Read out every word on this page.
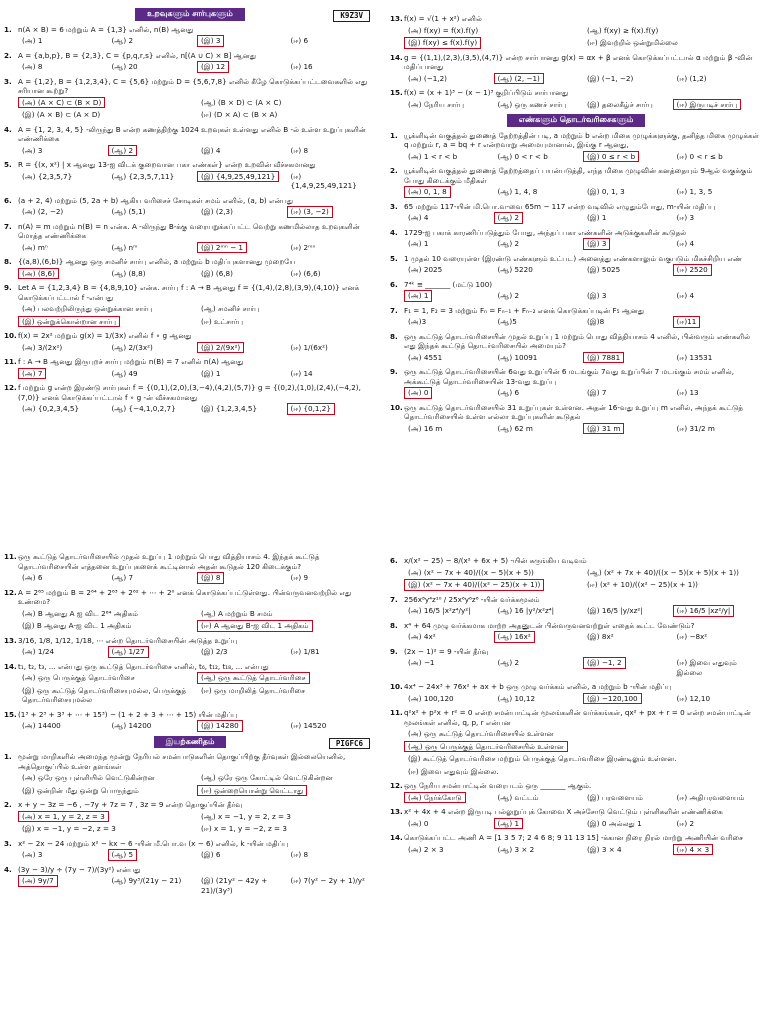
உறவுகளும் சார்புகளும்	K9Z3V
1. n(A × B) = 6 மற்றும் A = {1,3} எனில், n(B) ஆனது
(அ) 1	(ஆ) 2	(இ) 3	(ஈ) 6
2. A = {a,b,p}, B = {2,3}, C = {p,q,r,s} எனில், n[(A ∪ C) × B] ஆனது
(அ) 8	(ஆ) 20	(இ) 12	(ஈ) 16
3. A = {1,2}, B = {1,2,3,4}, C = {5,6} மற்றும் D = {5,6,7,8} எனில் கீழே கொடுக்கப்பட்டவைகளில் எது சரியான கூற்று?
(அ) (A × C) ⊂ (B × D)	(ஆ) (B × D) ⊂ (A × C)
(இ) (A × B) ⊂ (A × D)	(ஈ) (D × A) ⊂ (B × A)
4. A = {1, 2, 3, 4, 5} -லிருந்து B என்ற கணத்திற்கு 1024 உறவுகள் உள்ளது எனில் B -ல் உள்ள உறுப்புகளின் எண்ணிக்கை
(அ) 3	(ஆ) 2	(இ) 4	(ஈ) 8
5. R = {(x, x²) | x ஆனது 13-ஐ விடக் குறைவான பகா எண்கள்} என்ற உறவின் வீச்சகமானது
(அ) {2,3,5,7}	(ஆ) {2,3,5,7,11}	(இ) {4,9,25,49,121}	(ஈ) {1,4,9,25,49,121}
6. (a + 2, 4) மற்றும் (5, 2a + b) ஆகிய வரிசைச் சோடிகள் சமம் எனில், (a, b) என்பது
(அ) (2, −2)	(ஆ) (5,1)	(இ) (2,3)	(ஈ) (3, −2)
7. n(A) = m மற்றும் n(B) = n என்க. A -லிருந்து B-க்கு வரையறுக்கப்பட்ட வெற்று கணமில்லாத உறவுகளின் மொத்த எண்ணிக்கை
(அ) mⁿ	(ஆ) nᵐ	(இ) 2ᵐⁿ − 1	(ஈ) 2ᵐⁿ
8. {(a,8),(6,b)} ஆனது ஒரு சமனிச் சார்பு எனில், a மற்றும் b மதிப்புகளானது முறையே
(அ) (8,6)	(ஆ) (8,8)	(இ) (6,8)	(ஈ) (6,6)
9. Let A = {1,2,3,4} B = {4,8,9,10} என்க. சார்பு f : A → B ஆனது f = {(1,4),(2,8),(3,9),(4,10)} எனக் கொடுக்கப்பட்டால் f -என்பது
(அ) பலவற்றிலிருந்து ஒன்றுக்கான சார்பு	(ஆ) சமனிச் சார்பு
(இ) ஒன்றுக்கொன்றான சார்பு	(ஈ) உட்சார்பு
10. f(x) = 2x² மற்றும் g(x) = 1/(3x) எனில் f ∘ g ஆனது
(அ) 3/(2x²)	(ஆ) 2/(3x²)	(இ) 2/(9x²)	(ஈ) 1/(6x²)
11. f : A → B ஆனது இருபுறச் சார்பு மற்றும் n(B) = 7 எனில் n(A) ஆனது
(அ) 7	(ஆ) 49	(இ) 1	(ஈ) 14
12. f மற்றும் g என்ற இரண்டு சார்புகள் f = {(0,1),(2,0),(3,−4),(4,2),(5,7)} g = {(0,2),(1,0),(2,4),(−4,2),(7,0)} எனக் கொடுக்கப்பட்டால் f ∘ g -ன் வீச்சகமானது
(அ) {0,2,3,4,5}	(ஆ) {−4,1,0,2,7}	(இ) {1,2,3,4,5}	(ஈ) {0,1,2}
13. f(x) = √(1 + x²) எனில்
(அ) f(xy) = f(x).f(y)	(ஆ) f(xy) ≥ f(x).f(y)
(இ) f(xy) ≤ f(x).f(y)	(ஈ) இவற்றில் ஒன்றுமில்லை
14. g = {(1,1),(2,3),(3,5),(4,7)} என்ற சார்பானது g(x) = αx + β எனக் கொடுக்கப்பட்டால் α மற்றும் β -வின் மதிப்பானது
(அ) (−1,2)	(ஆ) (2, −1)	(இ) (−1, −2)	(ஈ) (1,2)
15. f(x) = (x + 1)³ − (x − 1)³ குறிப்பிடும் சார்பானது
(அ) நேரிய சார்பு	(ஆ) ஒரு கணச் சார்பு	(இ) தலைகீழ்ச் சார்பு	(ஈ) இருபடிச் சார்பு
எண்களும் தொடர்வரிசைகளும்
1. யூக்ளிடின் வகுத்தல் துணைத் தேற்றத்தின் படி, a மற்றும் b என்ற மிகை முழுக்களுக்கு, தனித்த மிகை முழுக்கள் q மற்றும் r, a = bq + r என்றவாறு அமையுமானால், இங்கு r ஆனது,
(அ) 1 < r < b	(ஆ) 0 < r < b	(இ) 0 ≤ r < b	(ஈ) 0 < r ≤ b
2. யூக்ளிடின் வகுத்தல் துணைத் தேற்றத்தைப் பயன்படுத்தி, எந்த மிகை முழுவின் கனத்தையும் 9ஆல் வகுக்கும் போது கிடைக்கும் மீதிகள்
(அ) 0, 1, 8	(ஆ) 1, 4, 8	(இ) 0, 1, 3	(ஈ) 1, 3, 5
3. 65 மற்றும் 117-யின் மி.பொ.வ-வை 65m − 117 என்ற வடிவில் எழுதும்போது, m-யின் மதிப்பு
(அ) 4	(ஆ) 2	(இ) 1	(ஈ) 3
4. 1729-ஐ பகாக் காரணிப்படுத்தும் போது, அந்தப் பகா எண்களின் அடுக்குகளின் கூடுதல்
(அ) 1	(ஆ) 2	(இ) 3	(ஈ) 4
5. 1 முதல் 10 வரையுள்ள (இரண்டு எண்களும் உட்பட) அனைத்து எண்களாலும் வகுபடும் மிகச்சிறிய எண்
(அ) 2025	(ஆ) 5220	(இ) 5025	(ஈ) 2520
6. 7⁴ᵏ ≡ _______ (மட்டு 100)
(அ) 1	(ஆ) 2	(இ) 3	(ஈ) 4
7. F₁ = 1, F₂ = 3 மற்றும் Fₙ = Fₙ₋₁ + Fₙ₋₂ எனக் கொடுக்கப்படின் F₅ ஆனது
(அ)3	(ஆ)5	(இ)8	(ஈ)11
8. ஒரு கூட்டுத் தொடர்வரிசையின் முதல் உறுப்பு 1 மற்றும் பொது வித்தியாசம் 4 எனில், பின்வரும் எண்களில் எது இந்தக் கூட்டுத் தொடர்வரிசையில் அமையும்?
(அ) 4551	(ஆ) 10091	(இ) 7881	(ஈ) 13531
9. ஒரு கூட்டுத் தொடர்வரிசையின் 6வது உறுப்பின் 6 மடங்கும் 7வது உறுப்பின் 7 மடங்கும் சமம் எனில், அக்கூட்டுத் தொடர்வரிசையின் 13-வது உறுப்பு
(அ) 0	(ஆ) 6	(இ) 7	(ஈ) 13
10. ஒரு கூட்டுத் தொடர்வரிசையில் 31 உறுப்புகள் உள்ளன. அதன் 16-வது உறுப்பு m எனில், அந்தக் கூட்டுத் தொடர்வரிசையில் உள்ள எல்லா உறுப்புகளின் கூடுதல்
(அ) 16 m	(ஆ) 62 m	(இ) 31 m	(ஈ) 31/2 m
11. ஒரு கூட்டுத் தொடர்வரிசையில் முதல் உறுப்பு 1 மற்றும் பொது வித்தியாசம் 4. இந்தக் கூட்டுத் தொடர்வரிசையின் எத்தனை உறுப்புகளைக் கூட்டினால் அதன் கூடுதல் 120 கிடைக்கும்?
(அ) 6	(ஆ) 7	(இ) 8	(ஈ) 9
12. A = 2⁶⁵ மற்றும் B = 2⁶⁴ + 2⁶³ + 2⁶² + ⋯ + 2⁰ எனக் கொடுக்கப்பட்டுள்ளது. பின்வருவனவற்றில் எது உண்மை?
(அ) B ஆனது A ஐ விட 2⁶⁴ அதிகம்	(ஆ) A மற்றும் B சமம்
(இ) B ஆனது A-ஐ விட 1 அதிகம்	(ஈ) A ஆனது B-ஐ விட 1 அதிகம்
13. 3/16, 1/8, 1/12, 1/18, ⋯ என்ற தொடர்வரிசையின் அடுத்த உறுப்பு
(அ) 1/24	(ஆ) 1/27	(இ) 2/3	(ஈ) 1/81
14. t₁, t₂, t₃, ... என்பது ஒரு கூட்டுத் தொடர்வரிசை எனில், t₆, t₁₂, t₁₈, ... என்பது
(அ) ஒரு பெருக்குத் தொடர்வரிசை	(ஆ) ஒரு கூட்டுத் தொடர்வரிசை
(இ) ஒரு கூட்டுத் தொடர்வரிசையுமல்ல, பெருக்குத் தொடர்வரிசையுமல்ல
(ஈ) ஒரு மாறிலித் தொடர்வரிசை
15. (1³ + 2³ + 3³ + ⋯ + 15³) − (1 + 2 + 3 + ⋯ + 15) யின் மதிப்பு
(அ) 14400	(ஆ) 14200	(இ) 14280	(ஈ) 14520
இயற்கணிதம்	PIGFC6
1. மூன்று மாறிகளில் அமைந்த மூன்று நேரியல் சமன்பாடுகளின் தொகுப்பிற்கு தீர்வுகள் இல்லையெனில், அத்தொகுப்பில் உள்ள தளங்கள்
(அ) ஒரே ஒரு புள்ளியில் வெட்டுகின்றன	(ஆ) ஒரே ஒரு கோட்டில் வெட்டுகின்றன
(இ) ஒன்றின் மீது ஒன்று பொருந்தும்	(ஈ) ஒன்றையொன்று வெட்டாது
2. x + y − 3z = −6 , −7y + 7z = 7 , 3z = 9 என்ற தொகுப்பின் தீர்வு
(அ) x = 1, y = 2, z = 3	(ஆ) x = −1, y = 2, z = 3
(இ) x = −1, y = −2, z = 3	(ஈ) x = 1, y = −2, z = 3
3. x² − 2x − 24 மற்றும் x² − kx − 6 -யின் மீ.பொ.வ (x − 6) எனில், k -யின் மதிப்பு
(அ) 3	(ஆ) 5	(இ) 6	(ஈ) 8
4. (3y − 3)/y ÷ (7y − 7)/(3y²) என்பது
(அ) 9y/7	(ஆ) 9y³/(21y − 21)	(இ) (21y² − 42y + 21)/(3y³)
(ஈ) 7(y² − 2y + 1)/y²
6. x/(x² − 25) − 8/(x² + 6x + 5) -யின் சுருங்கிய வடிவம்
(அ) (x² − 7x + 40)/((x − 5)(x + 5))	(ஆ) (x² + 7x + 40)/((x − 5)(x + 5)(x + 1))
(இ) (x² − 7x + 40)/((x² − 25)(x + 1))	(ஈ) (x² + 10)/((x² − 25)(x + 1))
7. 256x⁸y⁴z¹⁰ / 25x⁶y⁶z⁶ -யின் வர்க்கமூலம்
(அ) 16/5 |x²z⁴/y²|	(ஆ) 16 |y²/x²z⁴|	(இ) 16/5 |y/xz²|	(ஈ) 16/5 |xz²/y|
8. x⁴ + 64 முழு வர்க்கமாக மாற்ற அதனுடன் பின்வருவனவற்றுள் எதைக் கூட்ட வேண்டும்?
(அ) 4x²	(ஆ) 16x²	(இ) 8x²	(ஈ) −8x²
9. (2x − 1)² = 9 -யின் தீர்வு
(அ) −1	(ஆ) 2	(இ) −1, 2	(ஈ) இவை எதுவும் இல்லை
10. 4x⁴ − 24x³ + 76x² + ax + b ஒரு முழு வர்க்கம் எனில், a மற்றும் b -யின் மதிப்பு
(அ) 100,120	(ஆ) 10,12	(இ) −120,100	(ஈ) 12,10
11. q²x² + p²x + r² = 0 என்ற சமன்பாட்டின் மூலங்களின் வர்க்கங்கள், qx² + px + r = 0 என்ற சமன்பாட்டின் மூலங்கள் எனில், q, p, r என்பன
(அ) ஒரு கூட்டுத் தொடர்வரிசையில் உள்ளன
(ஆ) ஒரு பெருக்குத் தொடர்வரிசையில் உள்ளன
(இ) கூட்டுத் தொடர்வரிசை மற்றும் பெருக்குத் தொடர்வரிசை இரண்டிலும் உள்ளன.
(ஈ) இவை எதுவும் இல்லை.
12. ஒரு நேரிய சமன்பாட்டின் வரைபடம் ஒரு _______ ஆகும்.
(அ) நேர்க்கோடு	(ஆ) வட்டம்	(இ) பரவளையம்	(ஈ) அதிபரவளையம்
13. x² + 4x + 4 என்ற இருபடி பல்லுறுப்புக் கோவை X அச்சோடு வெட்டும் புள்ளிகளின் எண்ணிக்கை
(அ) 0	(ஆ) 1	(இ) 0 அல்லது 1	(ஈ) 2
14. கொடுக்கப்பட்ட அணி A = [1 3 5 7; 2 4 6 8; 9 11 13 15] -க்கான நிரை நிரல் மாற்று அணியின் வரிசை
(அ) 2 × 3	(ஆ) 3 × 2	(இ) 3 × 4	(ஈ) 4 × 3
